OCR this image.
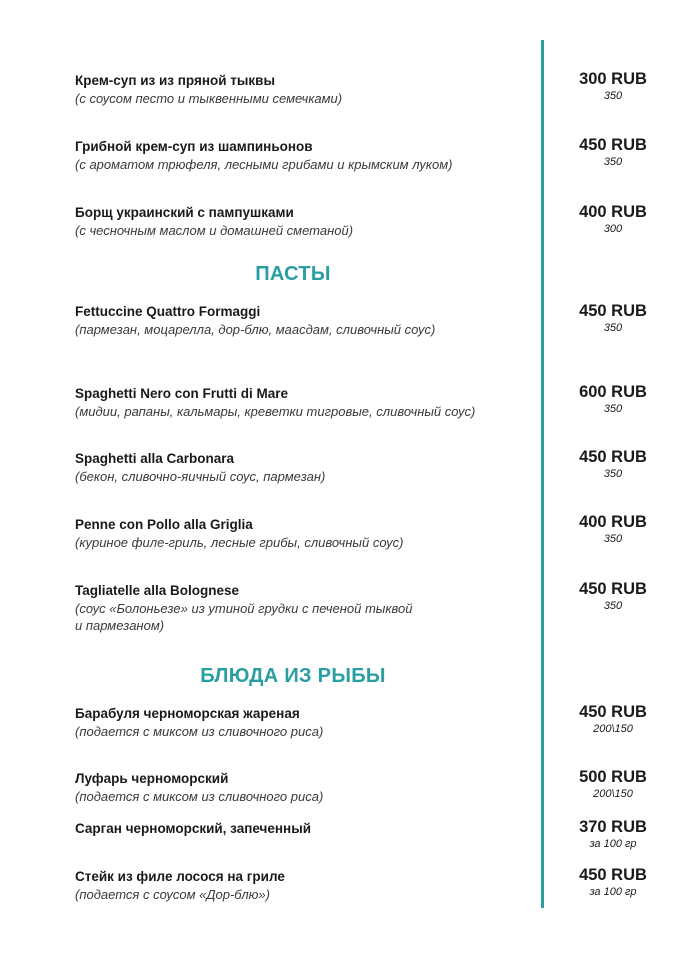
Крем-суп из из пряной тыквы
(с соусом песто и тыквенными семечками)
300 RUB
350
Грибной крем-суп из шампиньонов
(с ароматом трюфеля, лесными грибами и крымским луком)
450 RUB
350
Борщ украинский с пампушками
(с чесночным маслом и домашней сметаной)
400 RUB
300
ПАСТЫ
Fettuccine Quattro Formaggi
(пармезан, моцарелла, дор-блю, маасдам, сливочный соус)
450 RUB
350
Spaghetti Nero con Frutti di Mare
(мидии, рапаны, кальмары, креветки тигровые, сливочный соус)
600 RUB
350
Spaghetti alla Carbonara
(бекон, сливочно-яичный соус, пармезан)
450 RUB
350
Penne con Pollo alla Griglia
(куриное филе-гриль, лесные грибы, сливочный соус)
400 RUB
350
Tagliatelle alla Bolognese
(соус «Болоньезе» из утиной грудки с печеной тыквой
и пармезаном)
450 RUB
350
БЛЮДА ИЗ РЫБЫ
Барабуля черноморская жареная
(подается с миксом из сливочного риса)
450 RUB
200\150
Луфарь черноморский
(подается с миксом из сливочного риса)
500 RUB
200\150
Сарган черноморский, запеченный	370 RUB
за 100 гр
Стейк из филе лосося на гриле
(подается с соусом «Дор-блю»)
450 RUB
за 100 гр
